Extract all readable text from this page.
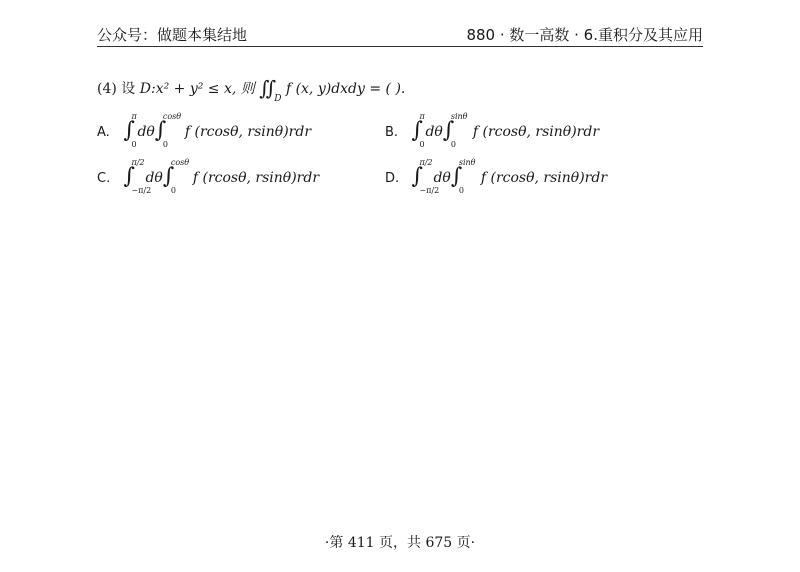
公众号：做题本集结地	880 · 数一高数 · 6.重积分及其应用
(4) 设 D:x² + y² ≤ x, 则 $∬_D$ f (x, y)dxdy = ( ).
A. ∫
π
0
dθ ∫
cosθ
0
f (rcosθ, rsinθ)rdr	B. ∫
π
0
dθ ∫
sinθ
0
f (rcosθ, rsinθ)rdr
C. ∫
π/2
−π/2
dθ ∫
cosθ
0
f (rcosθ, rsinθ)rdr	D. ∫
π/2
−π/2
dθ ∫
sinθ
0
f (rcosθ, rsinθ)rdr
·第 411 页，共 675 页·
